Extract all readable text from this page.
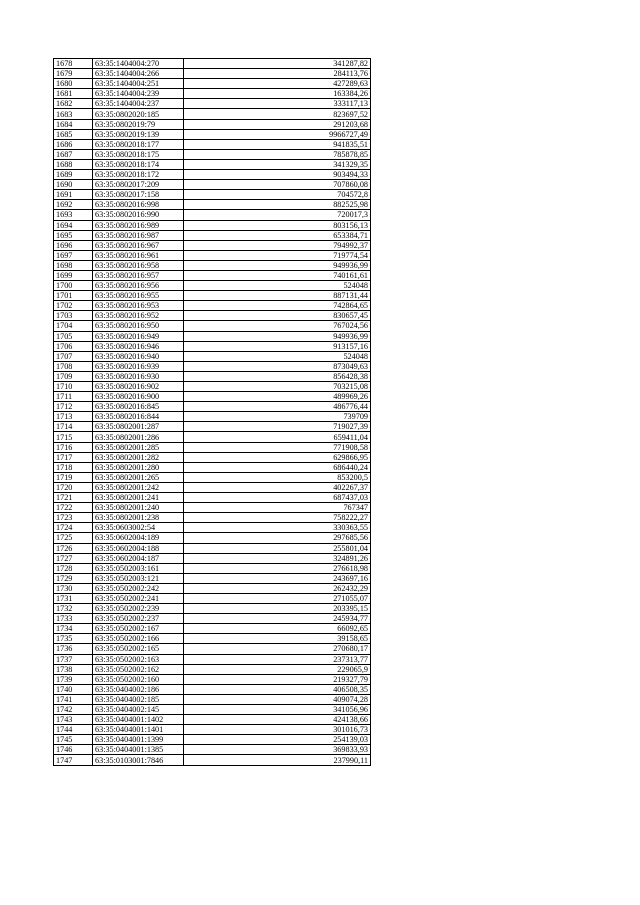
1678	63:35:1404004:270	341287,82
1679	63:35:1404004:266	284113,76
1680	63:35:1404004:251	427289,63
1681	63:35:1404004:239	163384,26
1682	63:35:1404004:237	333117,13
1683	63:35:0802020:185	823697,52
1684	63:35:0802019:79	291203,68
1685	63:35:0802019:139	9966727,49
1686	63:35:0802018:177	941835,51
1687	63:35:0802018:175	785878,85
1688	63:35:0802018:174	341329,35
1689	63:35:0802018:172	903494,33
1690	63:35:0802017:209	707860,08
1691	63:35:0802017:158	704572,8
1692	63:35:0802016:998	882525,98
1693	63:35:0802016:990	720017,3
1694	63:35:0802016:989	803156,13
1695	63:35:0802016:987	653384,71
1696	63:35:0802016:967	794992,37
1697	63:35:0802016:961	719774,54
1698	63:35:0802016:958	949936,99
1699	63:35:0802016:957	740161,61
1700	63:35:0802016:956	524048
1701	63:35:0802016:955	887131,44
1702	63:35:0802016:953	742864,65
1703	63:35:0802016:952	830657,45
1704	63:35:0802016:950	767024,56
1705	63:35:0802016:949	949936,99
1706	63:35:0802016:946	913157,16
1707	63:35:0802016:940	524048
1708	63:35:0802016:939	873049,63
1709	63:35:0802016:930	856428,38
1710	63:35:0802016:902	703215,08
1711	63:35:0802016:900	489969,26
1712	63:35:0802016:845	486776,44
1713	63:35:0802016:844	739709
1714	63:35:0802001:287	719027,39
1715	63:35:0802001:286	659411,04
1716	63:35:0802001:285	771908,58
1717	63:35:0802001:282	629866,95
1718	63:35:0802001:280	686440,24
1719	63:35:0802001:265	853200,5
1720	63:35:0802001:242	402267,37
1721	63:35:0802001:241	687437,03
1722	63:35:0802001:240	767347
1723	63:35:0802001:238	758222,27
1724	63:35:0603002:54	330363,55
1725	63:35:0602004:189	297685,56
1726	63:35:0602004:188	255801,04
1727	63:35:0602004:187	324891,26
1728	63:35:0502003:161	276618,98
1729	63:35:0502003:121	243697,16
1730	63:35:0502002:242	262432,29
1731	63:35:0502002:241	271055,07
1732	63:35:0502002:239	203395,15
1733	63:35:0502002:237	245934,77
1734	63:35:0502002:167	66092,65
1735	63:35:0502002:166	39158,65
1736	63:35:0502002:165	270680,17
1737	63:35:0502002:163	237313,77
1738	63:35:0502002:162	229065,9
1739	63:35:0502002:160	219327,79
1740	63:35:0404002:186	406508,35
1741	63:35:0404002:185	409074,28
1742	63:35:0404002:145	341056,96
1743	63:35:0404001:1402	424138,66
1744	63:35:0404001:1401	301016,73
1745	63:35:0404001:1399	254139,03
1746	63:35:0404001:1385	369833,93
1747	63:35:0103001:7846	237990,11
